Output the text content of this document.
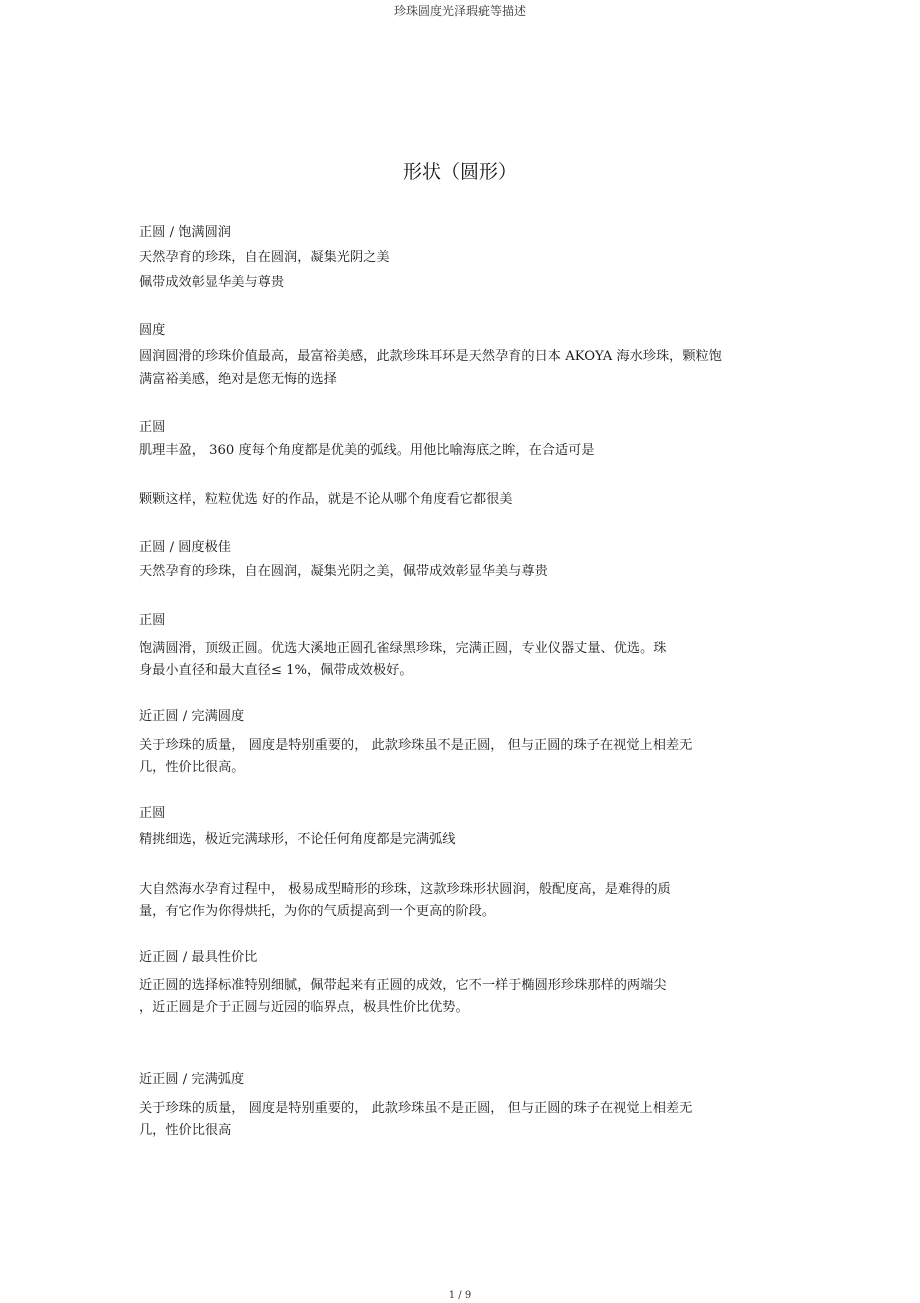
珍珠圆度光泽瑕疵等描述
形状（圆形）
正圆 / 饱满圆润
天然孕育的珍珠，自在圆润，凝集光阴之美
佩带成效彰显华美与尊贵
圆度
圆润圆滑的珍珠价值最高，最富裕美感，此款珍珠耳环是天然孕育的日本 AKOYA 海水珍珠，颗粒饱
满富裕美感，绝对是您无悔的选择
正圆
肌理丰盈， 360 度每个角度都是优美的弧线。用他比喻海底之眸，在合适可是
颗颗这样，粒粒优选 好的作品，就是不论从哪个角度看它都很美
正圆 / 圆度极佳
天然孕育的珍珠，自在圆润，凝集光阴之美，佩带成效彰显华美与尊贵
正圆
饱满圆滑，顶级正圆。优选大溪地正圆孔雀绿黑珍珠，完满正圆，专业仪器丈量、优选。珠
身最小直径和最大直径≤ 1%，佩带成效极好。
近正圆 / 完满圆度
关于珍珠的质量， 圆度是特别重要的， 此款珍珠虽不是正圆， 但与正圆的珠子在视觉上相差无
几，性价比很高。
正圆
精挑细选，极近完满球形，不论任何角度都是完满弧线
大自然海水孕育过程中， 极易成型畸形的珍珠，这款珍珠形状圆润，般配度高，是难得的质
量，有它作为你得烘托，为你的气质提高到一个更高的阶段。
近正圆 / 最具性价比
近正圆的选择标准特别细腻，佩带起来有正圆的成效，它不一样于椭圆形珍珠那样的两端尖
，近正圆是介于正圆与近园的临界点，极具性价比优势。
近正圆 / 完满弧度
关于珍珠的质量， 圆度是特别重要的， 此款珍珠虽不是正圆， 但与正圆的珠子在视觉上相差无
几，性价比很高
1 / 9
